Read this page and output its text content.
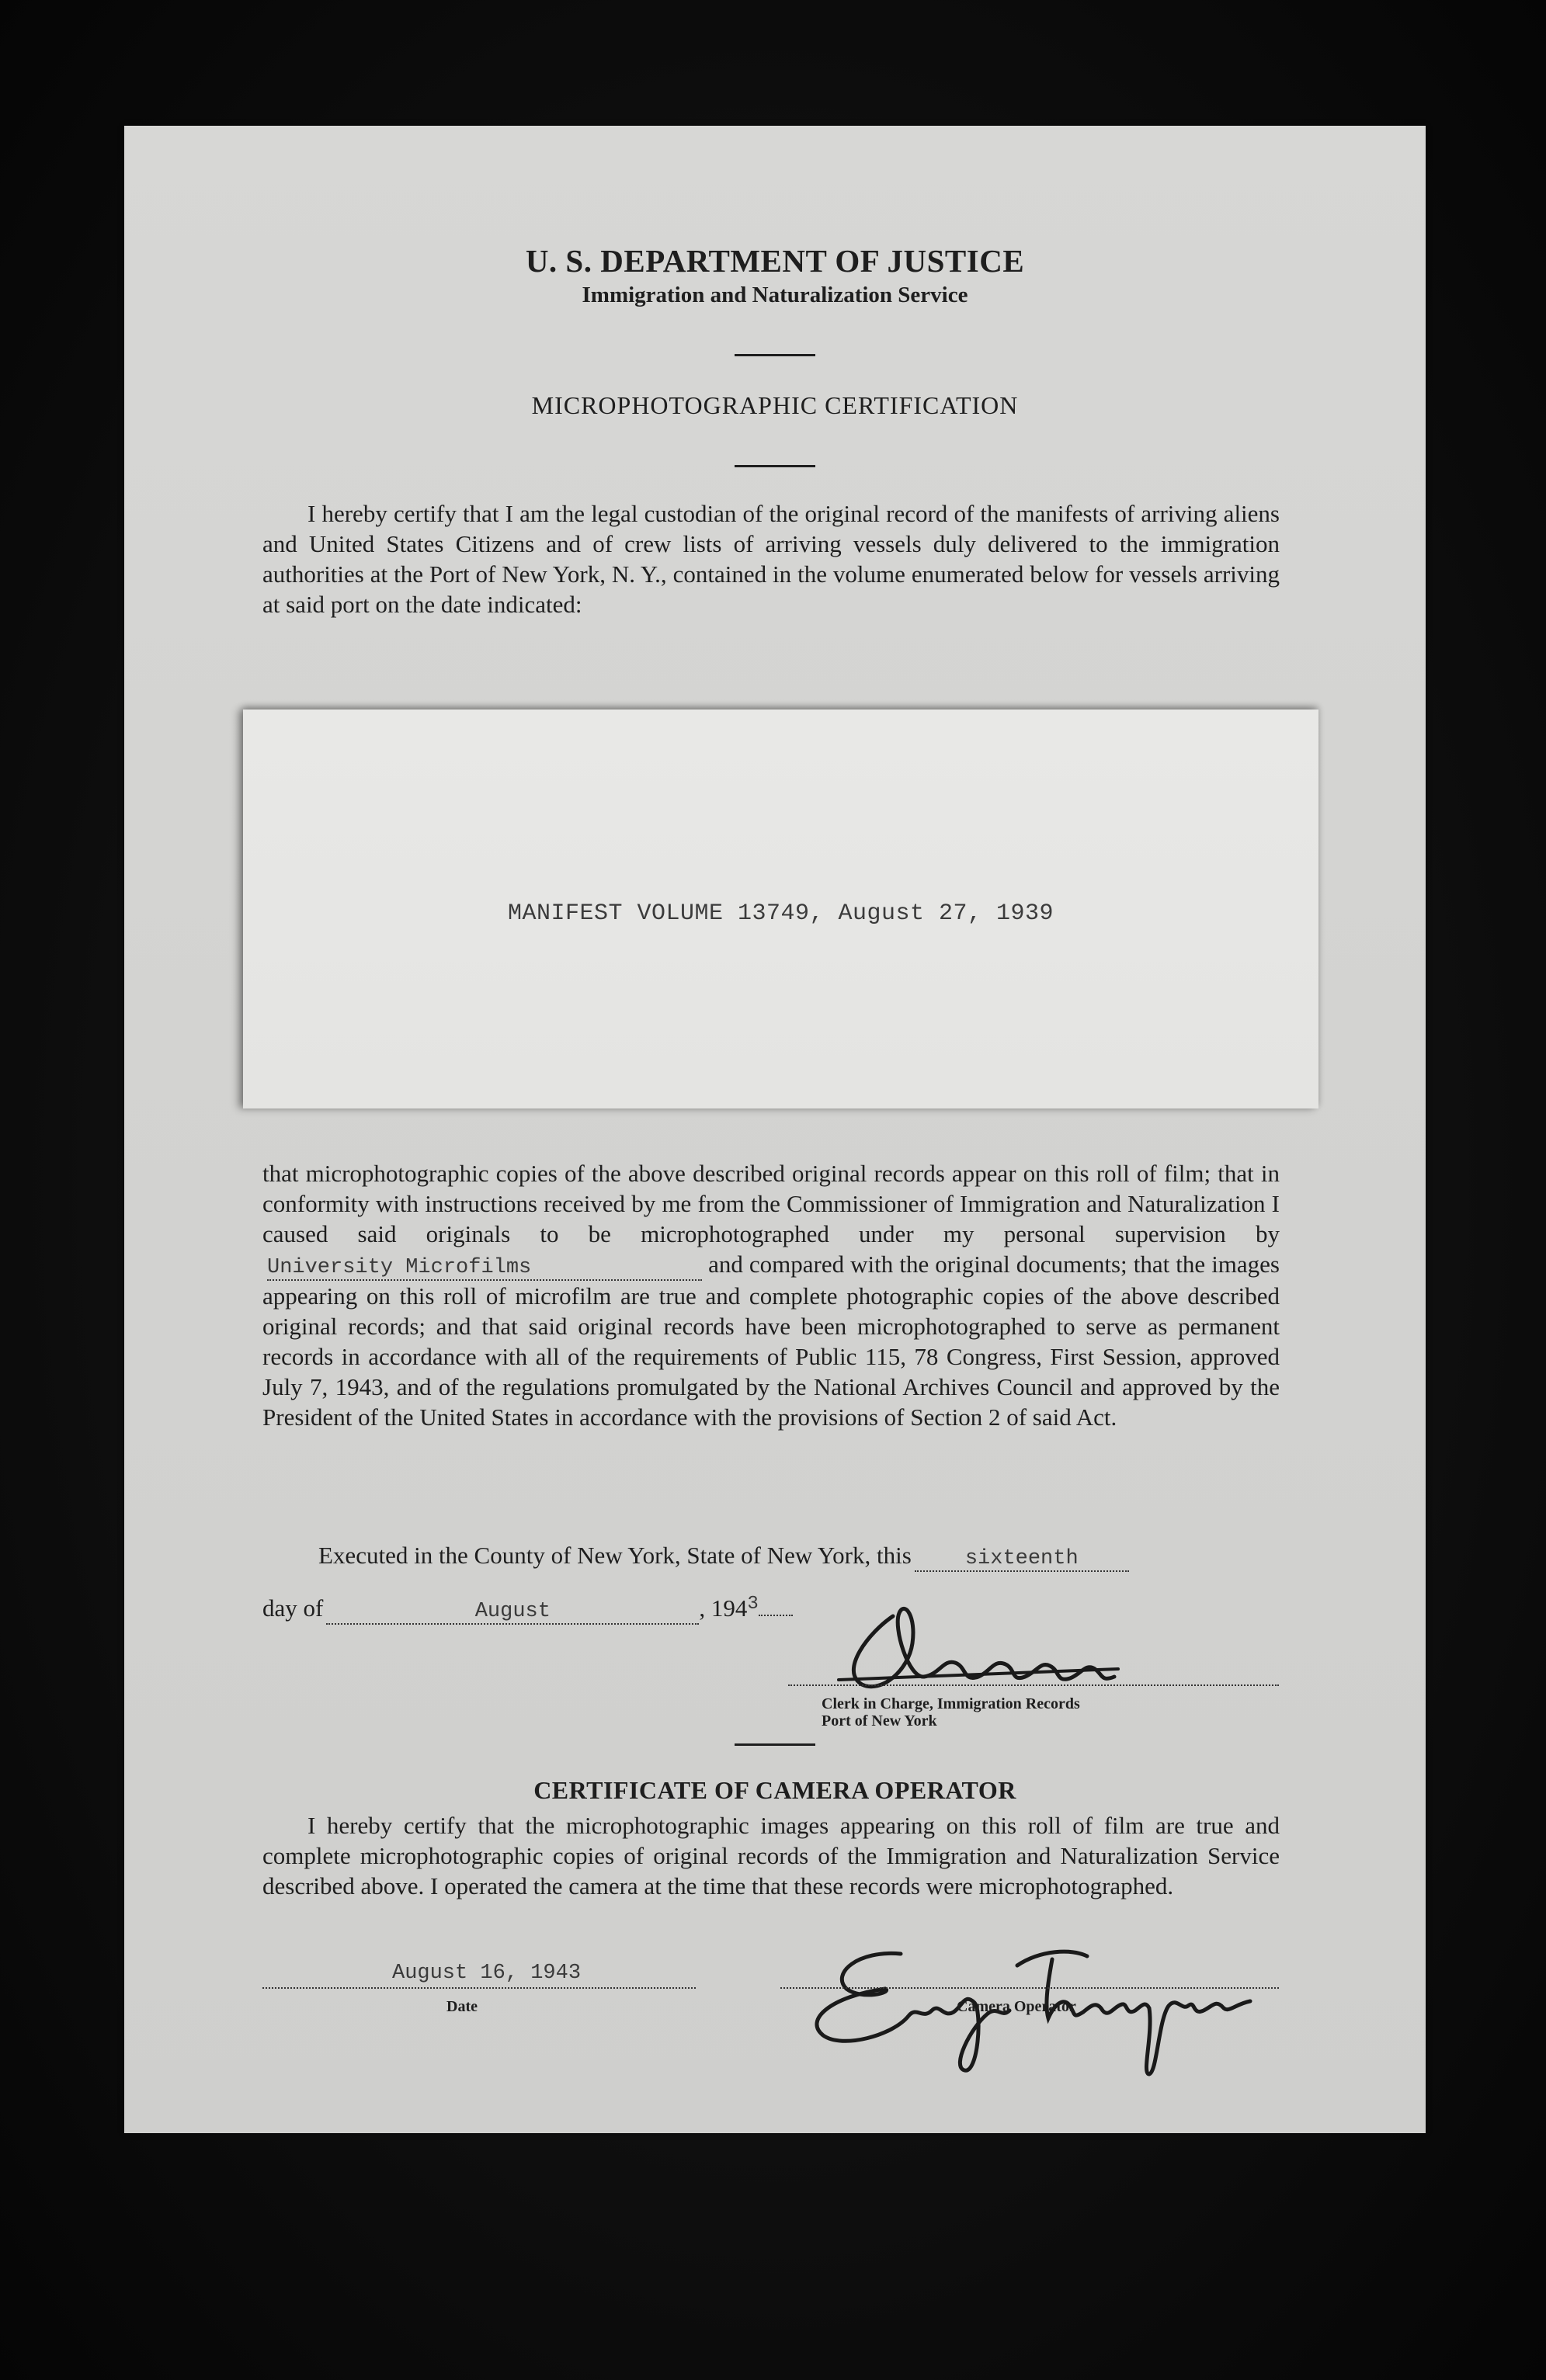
U. S. DEPARTMENT OF JUSTICE
Immigration and Naturalization Service
MICROPHOTOGRAPHIC CERTIFICATION
I hereby certify that I am the legal custodian of the original record of the manifests of arriving aliens and United States Citizens and of crew lists of arriving vessels duly delivered to the immigration authorities at the Port of New York, N. Y., contained in the volume enumerated below for vessels arriving at said port on the date indicated:
MANIFEST VOLUME 13749, August 27, 1939
that microphotographic copies of the above described original records appear on this roll of film; that in conformity with instructions received by me from the Commissioner of Immigration and Naturalization I caused said originals to be microphotographed under my personal supervision byUniversity Microfilms	and compared with the original documents; that the images appearing on this roll of microfilm are true and complete photographic copies of the above described original records; and that said original records have been microphotographed to serve as permanent records in accordance with all of the requirements of Public 115, 78 Congress, First Session, approved July 7, 1943, and of the regulations promulgated by the National Archives Council and approved by the President of the United States in accordance with the provisions of Section 2 of said Act.
Executed in the County of New York, State of New York, this	sixteenth
day of	August	, $194^3$
Clerk in Charge, Immigration Records
Port of New York
CERTIFICATE OF CAMERA OPERATOR
I hereby certify that the microphotographic images appearing on this roll of film are true and complete microphotographic copies of original records of the Immigration and Naturalization Service described above. I operated the camera at the time that these records were microphotographed.
August 16, 1943
Date	Camera Operator
